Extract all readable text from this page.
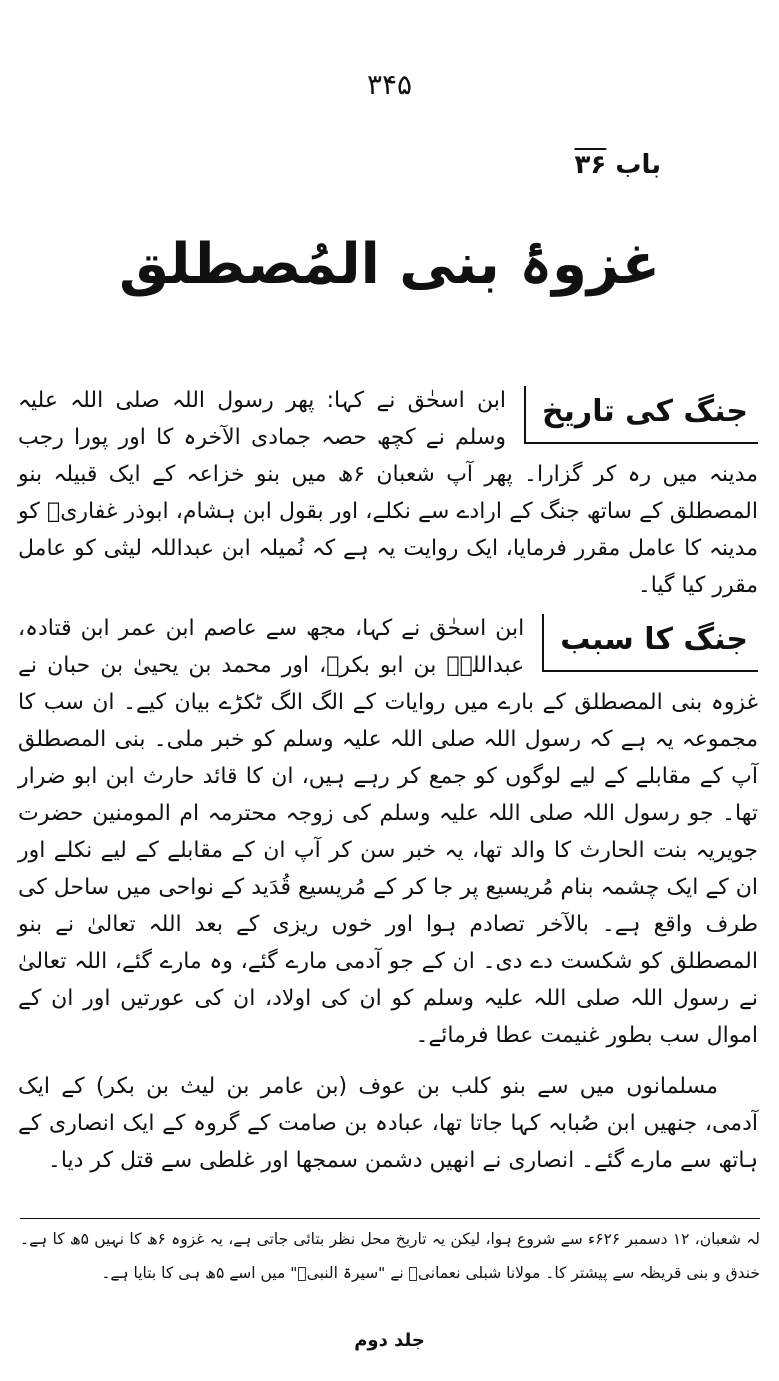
۳۴۵
باب ۳۶
غزوۂ بنی المُصطلق
جنگ کی تاریخ
ابن اسحٰق نے کہا: پھر رسول اللہ صلی اللہ علیہ وسلم نے کچھ حصہ جمادی الآخرہ کا اور پورا رجب مدینہ میں رہ کر گزارا۔ پھر آپ شعبان ۶ھ میں بنو خزاعہ کے ایک قبیلہ بنو المصطلق کے ساتھ جنگ کے ارادے سے نکلے، اور بقول ابن ہشام، ابوذر غفاریؓ کو مدینہ کا عامل مقرر فرمایا، ایک روایت یہ ہے کہ نُمیلہ ابن عبداللہ لیثی کو عامل مقرر کیا گیا۔
جنگ کا سبب
ابن اسحٰق نے کہا، مجھ سے عاصم ابن عمر ابن قتادہ، عبداللہؓ بن ابو بکرؓ، اور محمد بن یحییٰ بن حبان نے غزوہ بنی المصطلق کے بارے میں روایات کے الگ الگ ٹکڑے بیان کیے۔ ان سب کا مجموعہ یہ ہے کہ رسول اللہ صلی اللہ علیہ وسلم کو خبر ملی۔ بنی المصطلق آپ کے مقابلے کے لیے لوگوں کو جمع کر رہے ہیں، ان کا قائد حارث ابن ابو ضرار تھا۔ جو رسول اللہ صلی اللہ علیہ وسلم کی زوجہ محترمہ ام المومنین حضرت جویریہ بنت الحارث کا والد تھا، یہ خبر سن کر آپ ان کے مقابلے کے لیے نکلے اور ان کے ایک چشمہ بنام مُریسیع پر جا کر کے مُریسیع قُدَید کے نواحی میں ساحل کی طرف واقع ہے۔ بالآخر تصادم ہوا اور خوں ریزی کے بعد اللہ تعالیٰ نے بنو المصطلق کو شکست دے دی۔ ان کے جو آدمی مارے گئے، وہ مارے گئے، اللہ تعالیٰ نے رسول اللہ صلی اللہ علیہ وسلم کو ان کی اولاد، ان کی عورتیں اور ان کے اموال سب بطور غنیمت عطا فرمائے۔
مسلمانوں میں سے بنو کلب بن عوف (بن عامر بن لیث بن بکر) کے ایک آدمی، جنھیں ابن صُبابہ کہا جاتا تھا، عبادہ بن صامت کے گروہ کے ایک انصاری کے ہاتھ سے مارے گئے۔ انصاری نے انھیں دشمن سمجھا اور غلطی سے قتل کر دیا۔
لہ شعبان، ۱۲ دسمبر ۶۲۶ء سے شروع ہوا، لیکن یہ تاریخ محل نظر بتائی جاتی ہے، یہ غزوہ ۶ھ کا نہیں ۵ھ کا ہے۔ خندق و بنی قریظہ سے پیشتر کا۔ مولانا شبلی نعمانیؒ نے "سیرۃ النبیؐ" میں اسے ۵ھ ہی کا بتایا ہے۔
جلد دوم
